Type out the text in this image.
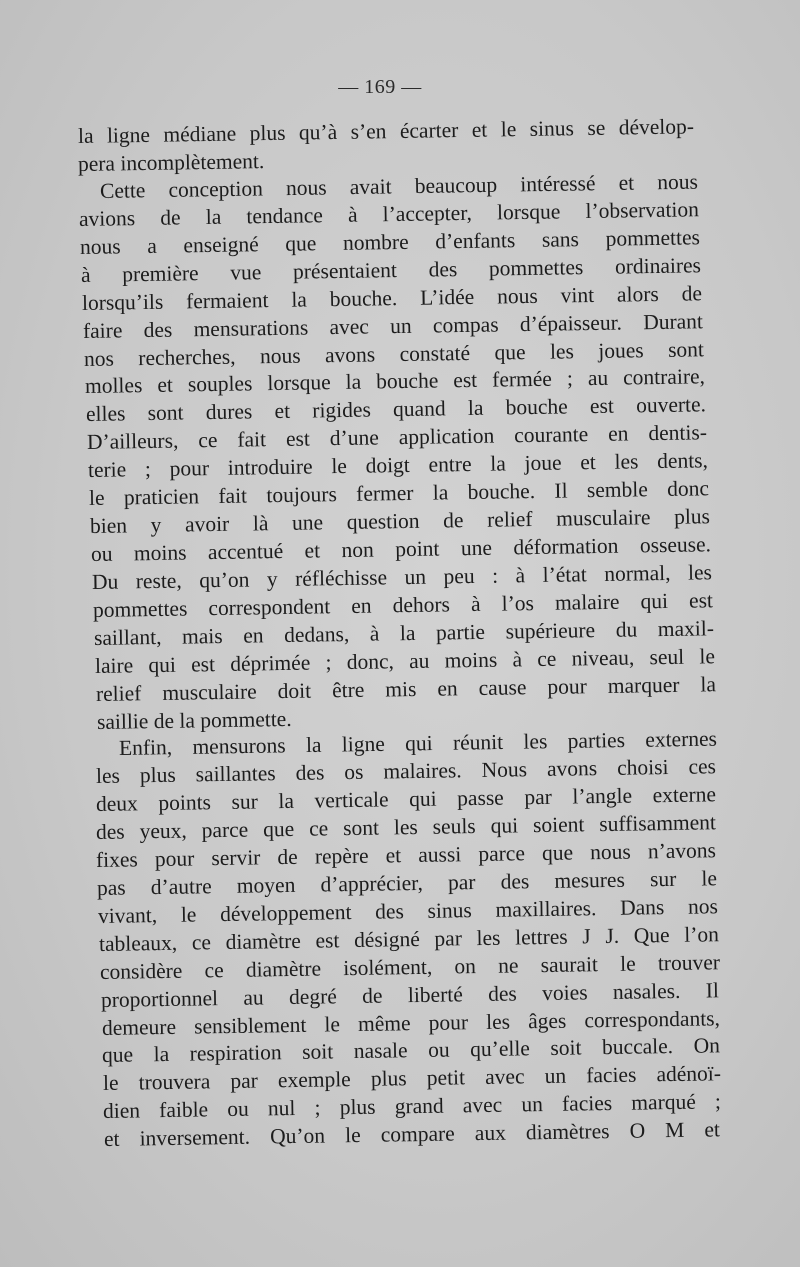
— 169 —
la ligne médiane plus qu’à s’en écarter et le sinus se dévelop-
pera incomplètement.
Cette conception nous avait beaucoup intéressé et nous
avions de la tendance à l’accepter, lorsque l’observation
nous a enseigné que nombre d’enfants sans pommettes
à première vue présentaient des pommettes ordinaires
lorsqu’ils fermaient la bouche. L’idée nous vint alors de
faire des mensurations avec un compas d’épaisseur. Durant
nos recherches, nous avons constaté que les joues sont
molles et souples lorsque la bouche est fermée ; au contraire,
elles sont dures et rigides quand la bouche est ouverte.
D’ailleurs, ce fait est d’une application courante en dentis-
terie ; pour introduire le doigt entre la joue et les dents,
le praticien fait toujours fermer la bouche. Il semble donc
bien y avoir là une question de relief musculaire plus
ou moins accentué et non point une déformation osseuse.
Du reste, qu’on y réfléchisse un peu : à l’état normal, les
pommettes correspondent en dehors à l’os malaire qui est
saillant, mais en dedans, à la partie supérieure du maxil-
laire qui est déprimée ; donc, au moins à ce niveau, seul le
relief musculaire doit être mis en cause pour marquer la
saillie de la pommette.
Enfin, mensurons la ligne qui réunit les parties externes
les plus saillantes des os malaires. Nous avons choisi ces
deux points sur la verticale qui passe par l’angle externe
des yeux, parce que ce sont les seuls qui soient suffisamment
fixes pour servir de repère et aussi parce que nous n’avons
pas d’autre moyen d’apprécier, par des mesures sur le
vivant, le développement des sinus maxillaires. Dans nos
tableaux, ce diamètre est désigné par les lettres J J. Que l’on
considère ce diamètre isolément, on ne saurait le trouver
proportionnel au degré de liberté des voies nasales. Il
demeure sensiblement le même pour les âges correspondants,
que la respiration soit nasale ou qu’elle soit buccale. On
le trouvera par exemple plus petit avec un facies adénoï-
dien faible ou nul ; plus grand avec un facies marqué ;
et inversement. Qu’on le compare aux diamètres O M et
